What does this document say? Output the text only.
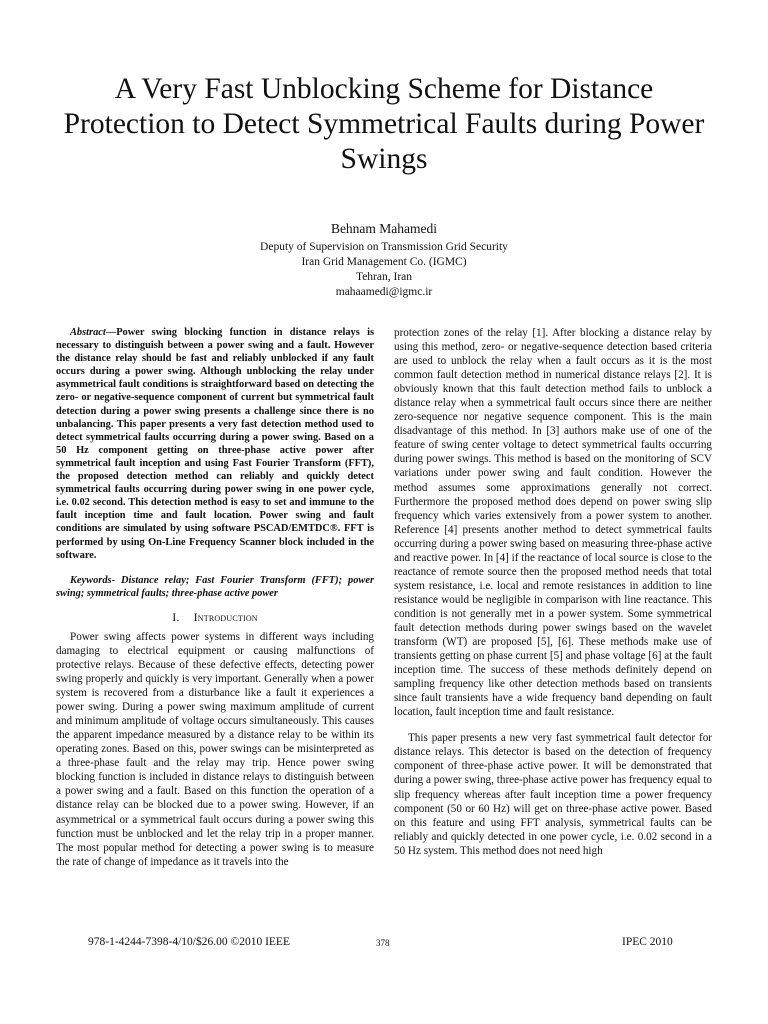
A Very Fast Unblocking Scheme for Distance Protection to Detect Symmetrical Faults during Power Swings
Behnam Mahamedi
Deputy of Supervision on Transmission Grid Security
Iran Grid Management Co. (IGMC)
Tehran, Iran
mahaamedi@igmc.ir

Abstract—Power swing blocking function in distance relays is necessary to distinguish between a power swing and a fault. However the distance relay should be fast and reliably unblocked if any fault occurs during a power swing. Although unblocking the relay under asymmetrical fault conditions is straightforward based on detecting the zero- or negative-sequence component of current but symmetrical fault detection during a power swing presents a challenge since there is no unbalancing. This paper presents a very fast detection method used to detect symmetrical faults occurring during a power swing. Based on a 50 Hz component getting on three-phase active power after symmetrical fault inception and using Fast Fourier Transform (FFT), the proposed detection method can reliably and quickly detect symmetrical faults occurring during power swing in one power cycle, i.e. 0.02 second. This detection method is easy to set and immune to the fault inception time and fault location. Power swing and fault conditions are simulated by using software PSCAD/EMTDC®. FFT is performed by using On-Line Frequency Scanner block included in the software.

Keywords- Distance relay; Fast Fourier Transform (FFT); power swing; symmetrical faults; three-phase active power

I. Introduction

Power swing affects power systems in different ways including damaging to electrical equipment or causing malfunctions of protective relays. Because of these defective effects, detecting power swing properly and quickly is very important. Generally when a power system is recovered from a disturbance like a fault it experiences a power swing. During a power swing maximum amplitude of current and minimum amplitude of voltage occurs simultaneously. This causes the apparent impedance measured by a distance relay to be within its operating zones. Based on this, power swings can be misinterpreted as a three-phase fault and the relay may trip. Hence power swing blocking function is included in distance relays to distinguish between a power swing and a fault. Based on this function the operation of a distance relay can be blocked due to a power swing. However, if an asymmetrical or a symmetrical fault occurs during a power swing this function must be unblocked and let the relay trip in a proper manner. The most popular method for detecting a power swing is to measure the rate of change of impedance as it travels into the

protection zones of the relay [1]. After blocking a distance relay by using this method, zero- or negative-sequence detection based criteria are used to unblock the relay when a fault occurs as it is the most common fault detection method in numerical distance relays [2]. It is obviously known that this fault detection method fails to unblock a distance relay when a symmetrical fault occurs since there are neither zero-sequence nor negative sequence component. This is the main disadvantage of this method. In [3] authors make use of one of the feature of swing center voltage to detect symmetrical faults occurring during power swings. This method is based on the monitoring of SCV variations under power swing and fault condition. However the method assumes some approximations generally not correct. Furthermore the proposed method does depend on power swing slip frequency which varies extensively from a power system to another. Reference [4] presents another method to detect symmetrical faults occurring during a power swing based on measuring three-phase active and reactive power. In [4] if the reactance of local source is close to the reactance of remote source then the proposed method needs that total system resistance, i.e. local and remote resistances in addition to line resistance would be negligible in comparison with line reactance. This condition is not generally met in a power system. Some symmetrical fault detection methods during power swings based on the wavelet transform (WT) are proposed [5], [6]. These methods make use of transients getting on phase current [5] and phase voltage [6] at the fault inception time. The success of these methods definitely depend on sampling frequency like other detection methods based on transients since fault transients have a wide frequency band depending on fault location, fault inception time and fault resistance.

This paper presents a new very fast symmetrical fault detector for distance relays. This detector is based on the detection of frequency component of three-phase active power. It will be demonstrated that during a power swing, three-phase active power has frequency equal to slip frequency whereas after fault inception time a power frequency component (50 or 60 Hz) will get on three-phase active power. Based on this feature and using FFT analysis, symmetrical faults can be reliably and quickly detected in one power cycle, i.e. 0.02 second in a 50 Hz system. This method does not need high

978-1-4244-7398-4/10/$26.00 ©2010 IEEE	378	IPEC 2010
